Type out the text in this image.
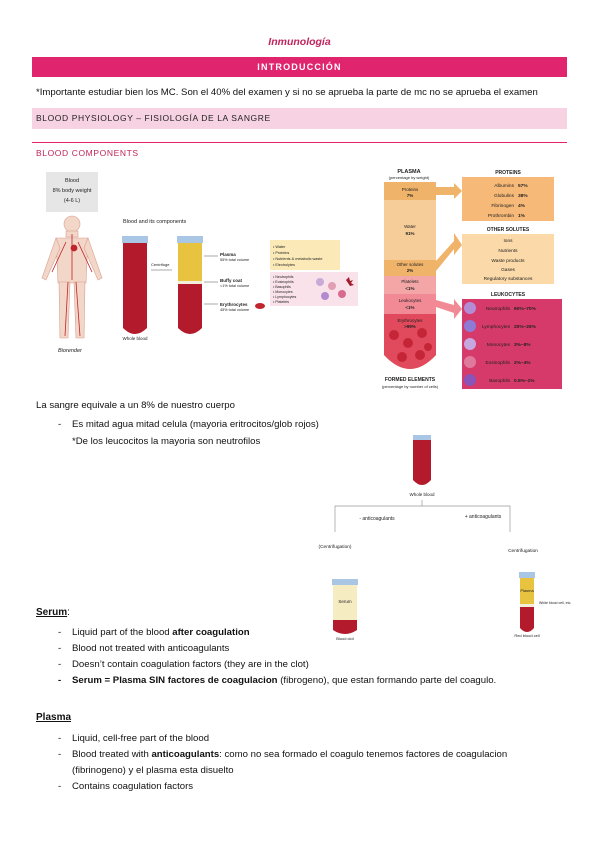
Inmunología
INTRODUCCIÓN
*Importante estudiar bien los MC. Son el 40% del examen y si no se aprueba la parte de mc no se aprueba el examen
BLOOD PHYSIOLOGY – FISIOLOGÍA DE LA SANGRE
BLOOD COMPONENTS
Blood
8% body weight
(4-6 L)
Biorender
Blood and its components
Whole blood
Centrifuge
Plasma
55% total volume
Buffy coat
<1% total volume
Erythrocytes
45% total volume
• Water
• Proteins
• Nutrients & metabolic waste
• Electrolytes
• Neutrophils
• Eosinophils
• Basophils
• Monocytes
• Lymphocytes
• Platelets
PLASMA
(percentage by weight)
Proteins
7%
Water
91%
Other solutes
2%
Platelets
<1%
Leukocytes
<1%
Erythrocytes
>99%
FORMED ELEMENTS
(percentage by number of cells)
PROTEINS
Albumins 57%
Globulins 38%
Fibrinogen 4%
Prothrombin 1%
OTHER SOLUTES
Ions
Nutrients
Waste products
Gases
Regulatory substances
LEUKOCYTES
Neutrophils 60%–70%
Lymphocytes 20%–25%
Monocytes 3%–8%
Eosinophils 2%–4%
Basophils 0.5%–1%
La sangre equivale a un 8% de nuestro cuerpo
- Es mitad agua mitad celula (mayoria eritrocitos/glob rojos)
*De los leucocitos la mayoria son neutrofilos
Whole blood
- anticoagulants	+ anticoagulants
(Centrifugation)
Centrifugation
Serum
Blood clot
Plasma
White blood cell, etc.
Red blood cell
Serum:
- Liquid part of the blood after coagulation
- Blood not treated with anticoagulants
- Doesn’t contain coagulation factors (they are in the clot)
- Serum = Plasma SIN factores de coagulacion (fibrogeno), que estan formando parte del coagulo.
Plasma
- Liquid, cell-free part of the blood
- Blood treated with anticoagulants: como no sea formado el coagulo tenemos factores de coagulacion
(fibrinogeno) y el plasma esta disuelto
- Contains coagulation factors
